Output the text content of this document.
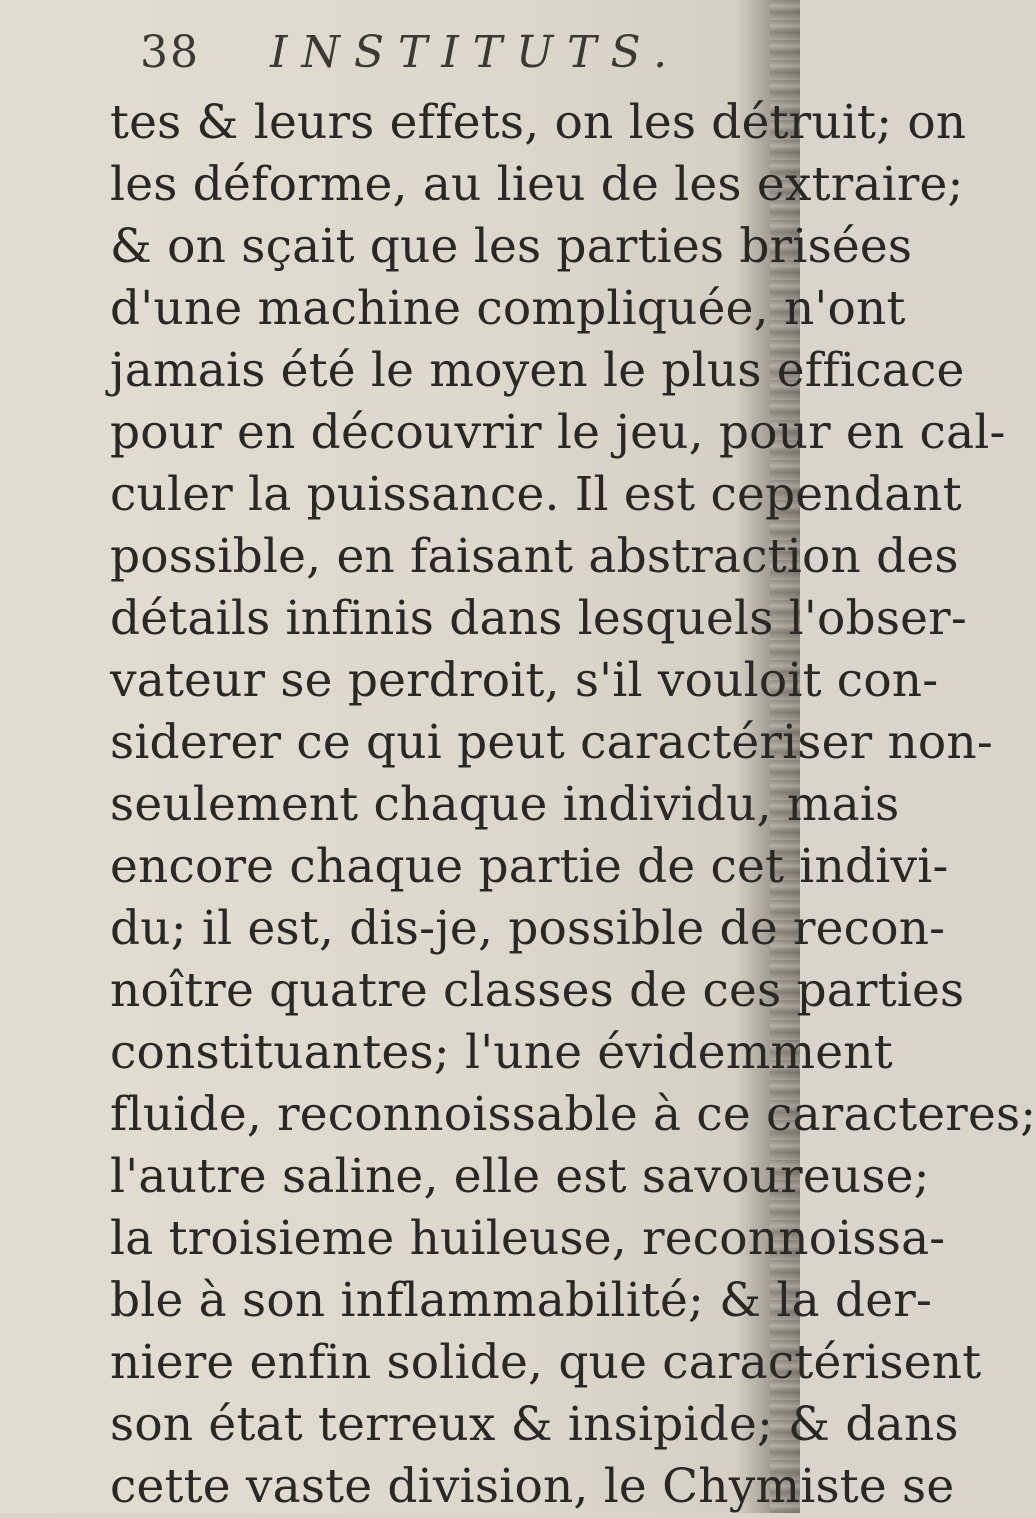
38 INSTITUTS.
tes & leurs effets, on les détruit; on
les déforme, au lieu de les extraire;
& on sçait que les parties brisées
d'une machine compliquée, n'ont
jamais été le moyen le plus efficace
pour en découvrir le jeu, pour en cal-
culer la puissance. Il est cependant
possible, en faisant abstraction des
détails infinis dans lesquels l'obser-
vateur se perdroit, s'il vouloit con-
siderer ce qui peut caractériser non-
seulement chaque individu, mais
encore chaque partie de cet indivi-
du; il est, dis-je, possible de recon-
noître quatre classes de ces parties
constituantes; l'une évidemment
fluide, reconnoissable à ce caracteres;
l'autre saline, elle est savoureuse;
la troisieme huileuse, reconnoissa-
ble à son inflammabilité; & la der-
niere enfin solide, que caractérisent
son état terreux & insipide; & dans
cette vaste division, le Chymiste se
